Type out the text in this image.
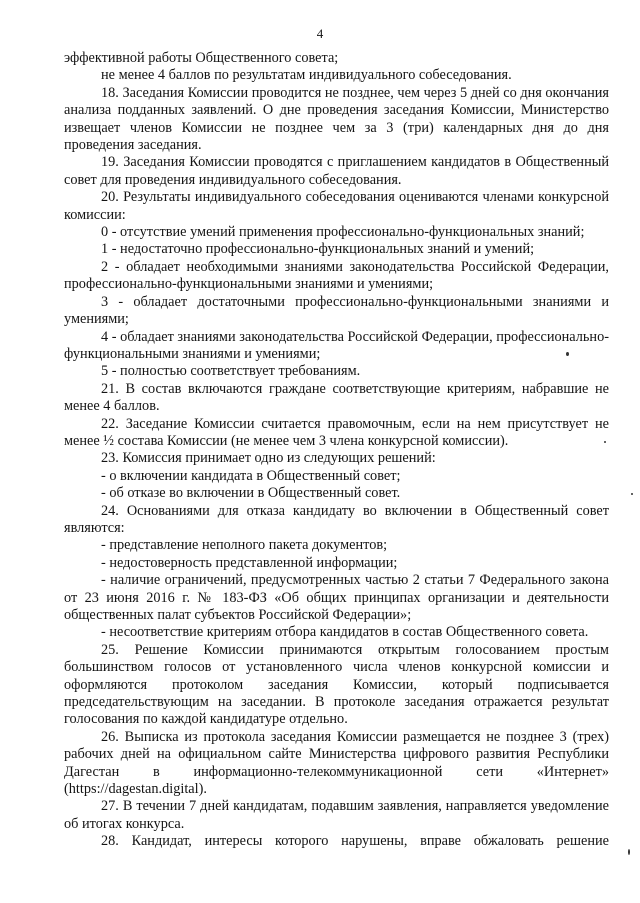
4

эффективной работы Общественного совета;

не менее 4 баллов по результатам индивидуального собеседования.

18. Заседания Комиссии проводится не позднее, чем через 5 дней со дня окончания анализа подданных заявлений. О дне проведения заседания Комиссии, Министерство извещает членов Комиссии не позднее чем за 3 (три) календарных дня до дня проведения заседания.

19. Заседания Комиссии проводятся с приглашением кандидатов в Общественный совет для проведения индивидуального собеседования.

20. Результаты индивидуального собеседования оцениваются членами конкурсной комиссии:

0 - отсутствие умений применения профессионально-функциональных знаний;

1 - недостаточно профессионально-функциональных знаний и умений;

2 - обладает необходимыми знаниями законодательства Российской Федерации, профессионально-функциональными знаниями и умениями;

3 - обладает достаточными профессионально-функциональными знаниями и умениями;

4 - обладает знаниями законодательства Российской Федерации, профессионально-функциональными знаниями и умениями;

5 - полностью соответствует требованиям.

21. В состав включаются граждане соответствующие критериям, набравшие не менее 4 баллов.

22. Заседание Комиссии считается правомочным, если на нем присутствует не менее ½ состава Комиссии (не менее чем 3 члена конкурсной комиссии).

23. Комиссия принимает одно из следующих решений:

- о включении кандидата в Общественный совет;

- об отказе во включении в Общественный совет.

24. Основаниями для отказа кандидату во включении в Общественный совет являются:

- представление неполного пакета документов;

- недостоверность представленной информации;

- наличие ограничений, предусмотренных частью 2 статьи 7 Федерального закона от 23 июня 2016 г. № 183-ФЗ «Об общих принципах организации и деятельности общественных палат субъектов Российской Федерации»;

- несоответствие критериям отбора кандидатов в состав Общественного совета.

25. Решение Комиссии принимаются открытым голосованием простым большинством голосов от установленного числа членов конкурсной комиссии и оформляются протоколом заседания Комиссии, который подписывается председательствующим на заседании. В протоколе заседания отражается результат голосования по каждой кандидатуре отдельно.

26. Выписка из протокола заседания Комиссии размещается не позднее 3 (трех) рабочих дней на официальном сайте Министерства цифрового развития Республики Дагестан в информационно-телекоммуникационной сети «Интернет» (https://dagestan.digital).

27. В течении 7 дней кандидатам, подавшим заявления, направляется уведомление об итогах конкурса.

28. Кандидат, интересы которого нарушены, вправе обжаловать решение
